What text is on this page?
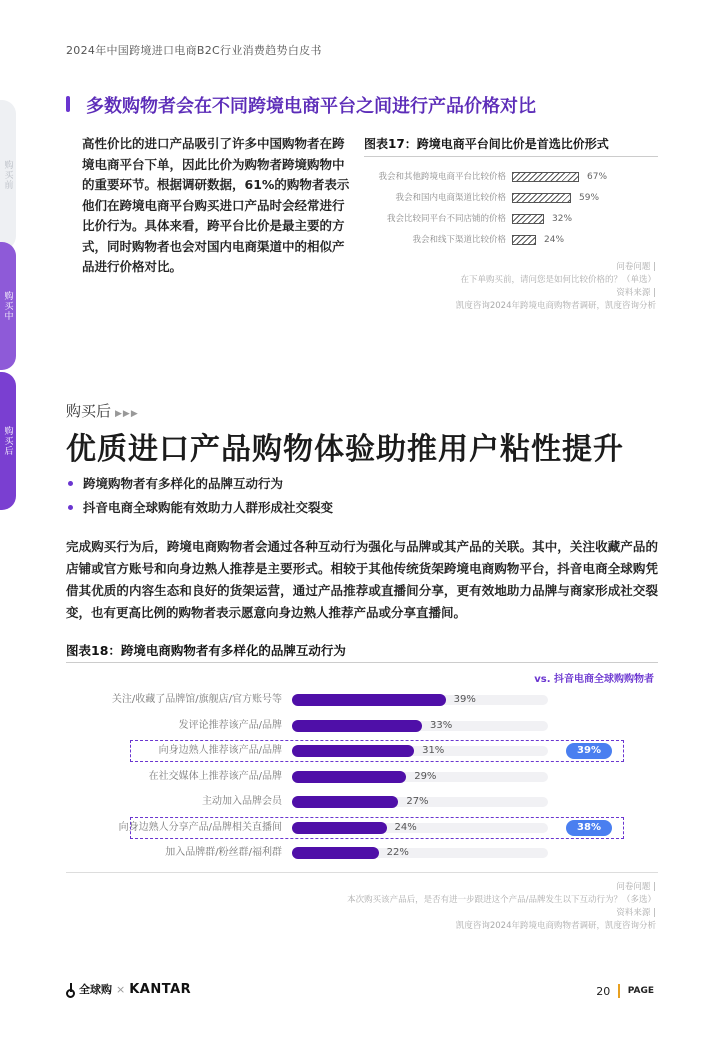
2024年中国跨境进口电商B2C行业消费趋势白皮书
购买前
购买中
购买后
多数购物者会在不同跨境电商平台之间进行产品价格对比
高性价比的进口产品吸引了许多中国购物者在跨境电商平台下单，因此比价为购物者跨境购物中的重要环节。根据调研数据，61%的购物者表示他们在跨境电商平台购买进口产品时会经常进行比价行为。具体来看，跨平台比价是最主要的方式，同时购物者也会对国内电商渠道中的相似产品进行价格对比。
图表17：跨境电商平台间比价是首选比价形式
我会和其他跨境电商平台比较价格	67%
我会和国内电商渠道比较价格	59%
我会比较同平台不同店铺的价格	32%
我会和线下渠道比较价格	24%
问卷问题 |
在下单购买前，请问您是如何比较价格的？（单选）
资料来源 |
凯度咨询2024年跨境电商购物者调研，凯度咨询分析
购买后 ▶▶▶
优质进口产品购物体验助推用户粘性提升
跨境购物者有多样化的品牌互动行为
抖音电商全球购能有效助力人群形成社交裂变
完成购买行为后，跨境电商购物者会通过各种互动行为强化与品牌或其产品的关联。其中，关注收藏产品的店铺或官方账号和向身边熟人推荐是主要形式。相较于其他传统货架跨境电商购物平台，抖音电商全球购凭借其优质的内容生态和良好的货架运营，通过产品推荐或直播间分享，更有效地助力品牌与商家形成社交裂变，也有更高比例的购物者表示愿意向身边熟人推荐产品或分享直播间。
图表18：跨境电商购物者有多样化的品牌互动行为
vs. 抖音电商全球购购物者
关注/收藏了品牌馆/旗舰店/官方账号等	39%
发评论推荐该产品/品牌	33%
向身边熟人推荐该产品/品牌	31%	39%
在社交媒体上推荐该产品/品牌	29%
主动加入品牌会员	27%
向身边熟人分享产品/品牌相关直播间	24%	38%
加入品牌群/粉丝群/福利群	22%
问卷问题 |
本次购买该产品后，是否有进一步跟进这个产品/品牌发生以下互动行为？（多选）
资料来源 |
凯度咨询2024年跨境电商购物者调研，凯度咨询分析
全球购 × KANTAR	20 PAGE
